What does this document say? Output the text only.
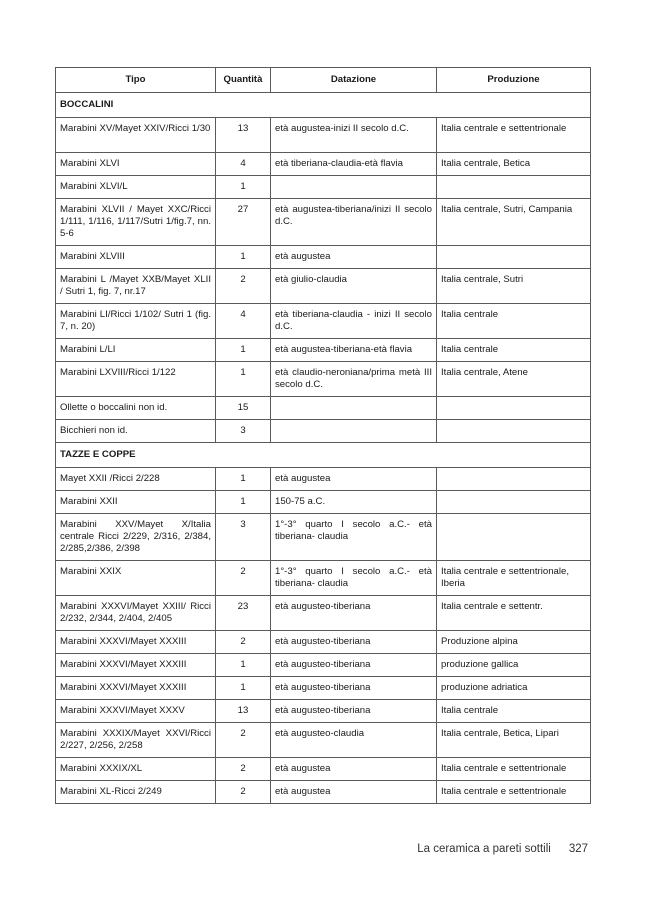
Tipo	Quantità	Datazione	Produzione
BOCCALINI			
Marabini XV/Mayet XXIV/Ricci 1/30	13	età augustea-inizi II secolo d.C.	Italia centrale e settentrionale
Marabini XLVI	4	età tiberiana-claudia-età flavia	Italia centrale, Betica
Marabini XLVI/L	1		
Marabini XLVII / Mayet XXC/Ricci 1/111, 1/116, 1/117/Sutri 1/fig.7, nn. 5-6	27	età augustea-tiberiana/inizi II secolo d.C.	Italia centrale, Sutri, Campania
Marabini XLVIII	1	età augustea	
Marabini L /Mayet XXB/Mayet XLII / Sutri 1, fig. 7, nr.17	2	età giulio-claudia	Italia centrale, Sutri
Marabini LI/Ricci 1/102/ Sutri 1 (fig. 7, n. 20)	4	età tiberiana-claudia - inizi II secolo d.C.	Italia centrale
Marabini L/LI	1	età augustea-tiberiana-età flavia	Italia centrale
Marabini LXVIII/Ricci 1/122	1	età claudio-neroniana/prima metà III secolo d.C.	Italia centrale, Atene
Ollette o boccalini non id.	15		
Bicchieri non id.	3		
TAZZE E COPPE			
Mayet XXII /Ricci 2/228	1	età augustea	
Marabini XXII	1	150-75 a.C.	
Marabini XXV/Mayet X/Italia centrale Ricci 2/229, 2/316, 2/384, 2/285,2/386, 2/398	3	1°-3° quarto I secolo a.C.- età tiberiana- claudia	
Marabini XXIX	2	1°-3° quarto I secolo a.C.- età tiberiana- claudia	Italia centrale e settentrionale, Iberia
Marabini XXXVI/Mayet XXIII/ Ricci 2/232, 2/344, 2/404, 2/405	23	età augusteo-tiberiana	Italia centrale e settentr.
Marabini XXXVI/Mayet XXXIII	2	età augusteo-tiberiana	Produzione alpina
Marabini XXXVI/Mayet XXXIII	1	età augusteo-tiberiana	produzione gallica
Marabini XXXVI/Mayet XXXIII	1	età augusteo-tiberiana	produzione adriatica
Marabini XXXVI/Mayet XXXV	13	età augusteo-tiberiana	Italia centrale
Marabini XXXIX/Mayet XXVI/Ricci 2/227, 2/256, 2/258	2	età augusteo-claudia	Italia centrale, Betica, Lipari
Marabini XXXIX/XL	2	età augustea	Italia centrale e settentrionale
Marabini XL-Ricci 2/249	2	età augustea	Italia centrale e settentrionale
La ceramica a pareti sottili 327
